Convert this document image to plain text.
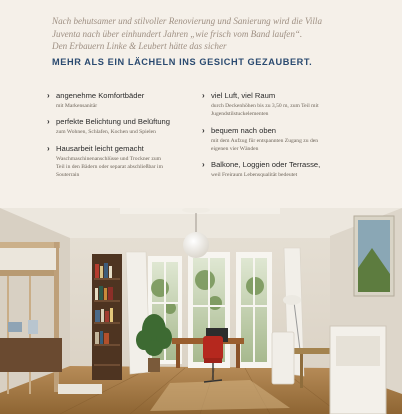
Nach behutsamer und stilvoller Renovierung und Sanierung wird die Villa
Juventa nach über einhundert Jahren „wie frisch vom Band laufen“.
Den Erbauern Linke & Leubert hätte das sicher

MEHR ALS EIN LÄCHELN INS GESICHT GEZAUBERT.
› angenehme Komfortbäder
mit Markensanitär
› perfekte Belichtung und Belüftung
zum Wohnen, Schlafen, Kochen und Spielen
› Hausarbeit leicht gemacht
Waschmaschinenanschlüsse und Trockner zum
Teil in den Bädern oder separat abschließbar im
Souterrain
› viel Luft, viel Raum
durch Deckenhöhen bis zu 3,50 m, zum Teil mit
Jugendstilstuckelementen
› bequem nach oben
mit dem Aufzug für entspannten Zugang zu den
eigenen vier Wänden
› Balkone, Loggien oder Terrasse,
weil Freiraum Lebensqualität bedeutet
